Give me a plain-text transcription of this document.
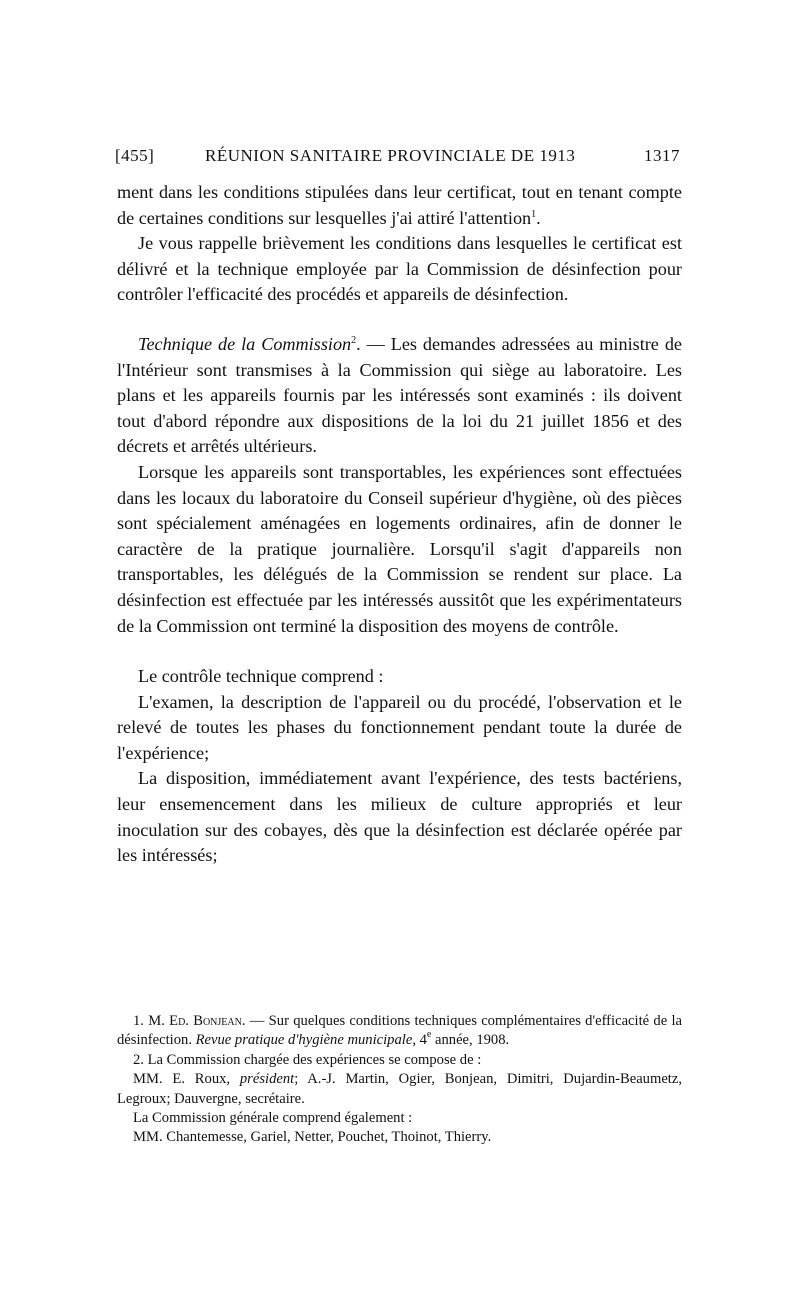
[455]	RÉUNION SANITAIRE PROVINCIALE DE 1913	1317

ment dans les conditions stipulées dans leur certificat, tout en tenant compte de certaines conditions sur lesquelles j'ai attiré l'attention$^1$.

Je vous rappelle brièvement les conditions dans lesquelles le certificat est délivré et la technique employée par la Commission de désinfection pour contrôler l'efficacité des procédés et appareils de désinfection.

Technique de la Commission$^2$. — Les demandes adressées au ministre de l'Intérieur sont transmises à la Commission qui siège au laboratoire. Les plans et les appareils fournis par les intéressés sont examinés : ils doivent tout d'abord répondre aux dispositions de la loi du 21 juillet 1856 et des décrets et arrêtés ultérieurs.

Lorsque les appareils sont transportables, les expériences sont effectuées dans les locaux du laboratoire du Conseil supérieur d'hygiène, où des pièces sont spécialement aménagées en logements ordinaires, afin de donner le caractère de la pratique journalière. Lorsqu'il s'agit d'appareils non transportables, les délégués de la Commission se rendent sur place. La désinfection est effectuée par les intéressés aussitôt que les expérimentateurs de la Commission ont terminé la disposition des moyens de contrôle.

Le contrôle technique comprend :

L'examen, la description de l'appareil ou du procédé, l'observation et le relevé de toutes les phases du fonctionnement pendant toute la durée de l'expérience;

La disposition, immédiatement avant l'expérience, des tests bactériens, leur ensemencement dans les milieux de culture appropriés et leur inoculation sur des cobayes, dès que la désinfection est déclarée opérée par les intéressés;

1. M. Ed. Bonjean. — Sur quelques conditions techniques complémentaires d'efficacité de la désinfection. Revue pratique d'hygiène municipale, 4e année, 1908.

2. La Commission chargée des expériences se compose de :

MM. E. Roux, président; A.-J. Martin, Ogier, Bonjean, Dimitri, Dujardin-Beaumetz, Legroux; Dauvergne, secrétaire.

La Commission générale comprend également :

MM. Chantemesse, Gariel, Netter, Pouchet, Thoinot, Thierry.
